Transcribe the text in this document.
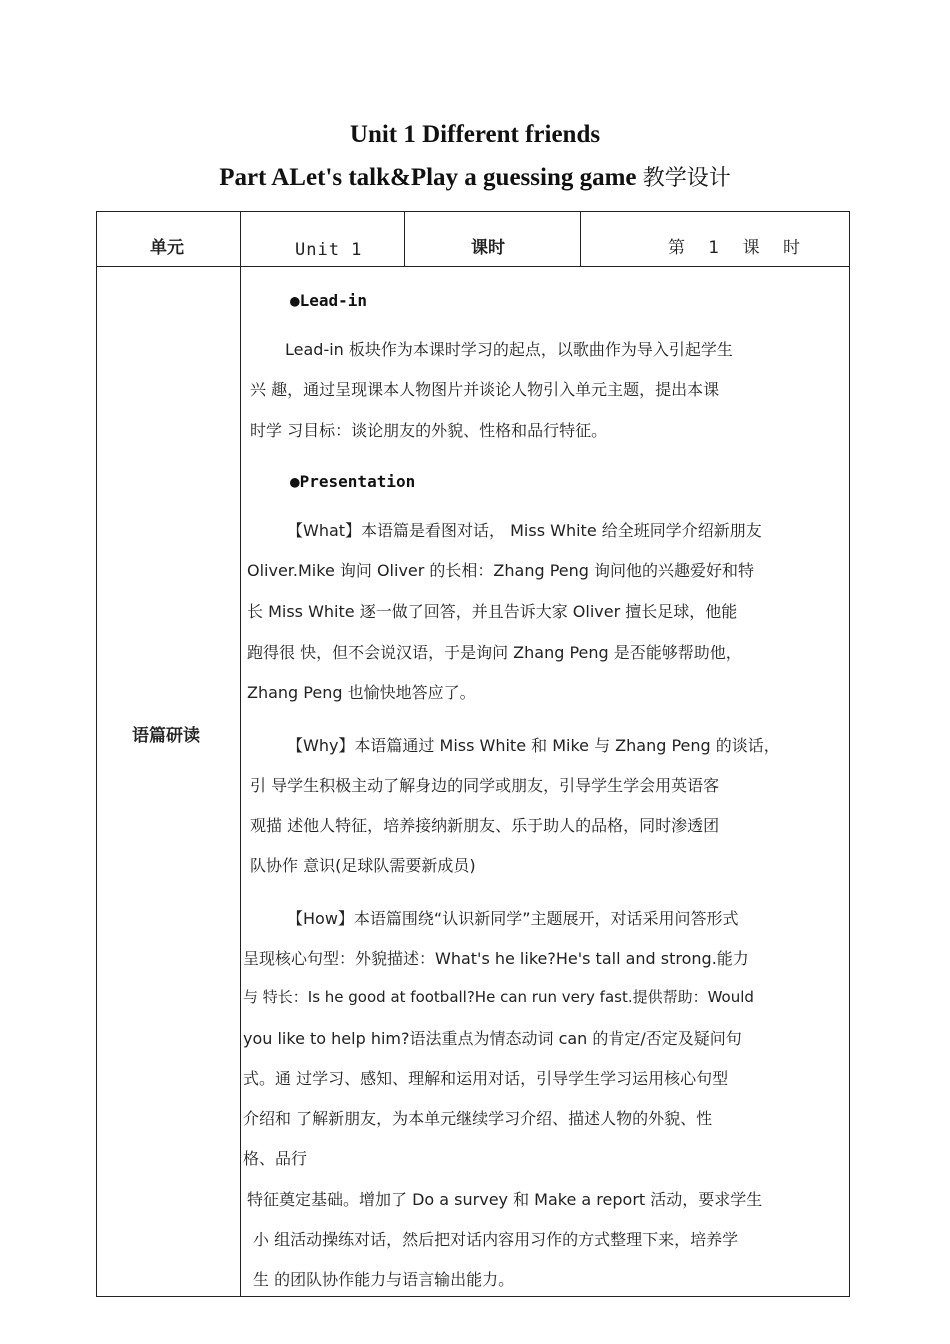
Unit 1 Different friends
Part ALet's talk&Play a guessing game 教学设计
单元	Unit 1	课时	第 1 课 时
语篇研读
●Lead-in
Lead-in 板块作为本课时学习的起点，以歌曲作为导入引起学生
兴 趣，通过呈现课本人物图片并谈论人物引入单元主题，提出本课
时学 习目标：谈论朋友的外貌、性格和品行特征。
●Presentation
【What】本语篇是看图对话， Miss White 给全班同学介绍新朋友
Oliver.Mike 询问 Oliver 的长相：Zhang Peng 询问他的兴趣爱好和特
长 Miss White 逐一做了回答，并且告诉大家 Oliver 擅长足球，他能
跑得很 快，但不会说汉语，于是询问 Zhang Peng 是否能够帮助他，
Zhang Peng 也愉快地答应了。
【Why】本语篇通过 Miss White 和 Mike 与 Zhang Peng 的谈话，
引 导学生积极主动了解身边的同学或朋友，引导学生学会用英语客
观描 述他人特征，培养接纳新朋友、乐于助人的品格，同时渗透团
队协作 意识(足球队需要新成员)
【How】本语篇围绕“认识新同学”主题展开，对话采用问答形式
呈现核心句型：外貌描述：What's he like?He's tall and strong.能力
与 特长：Is he good at football?He can run very fast.提供帮助：Would
you like to help him?语法重点为情态动词 can 的肯定/否定及疑问句
式。通 过学习、感知、理解和运用对话，引导学生学习运用核心句型
介绍和 了解新朋友，为本单元继续学习介绍、描述人物的外貌、性
格、品行
特征奠定基础。增加了 Do a survey 和 Make a report 活动，要求学生
小 组活动操练对话，然后把对话内容用习作的方式整理下来，培养学
生 的团队协作能力与语言输出能力。
